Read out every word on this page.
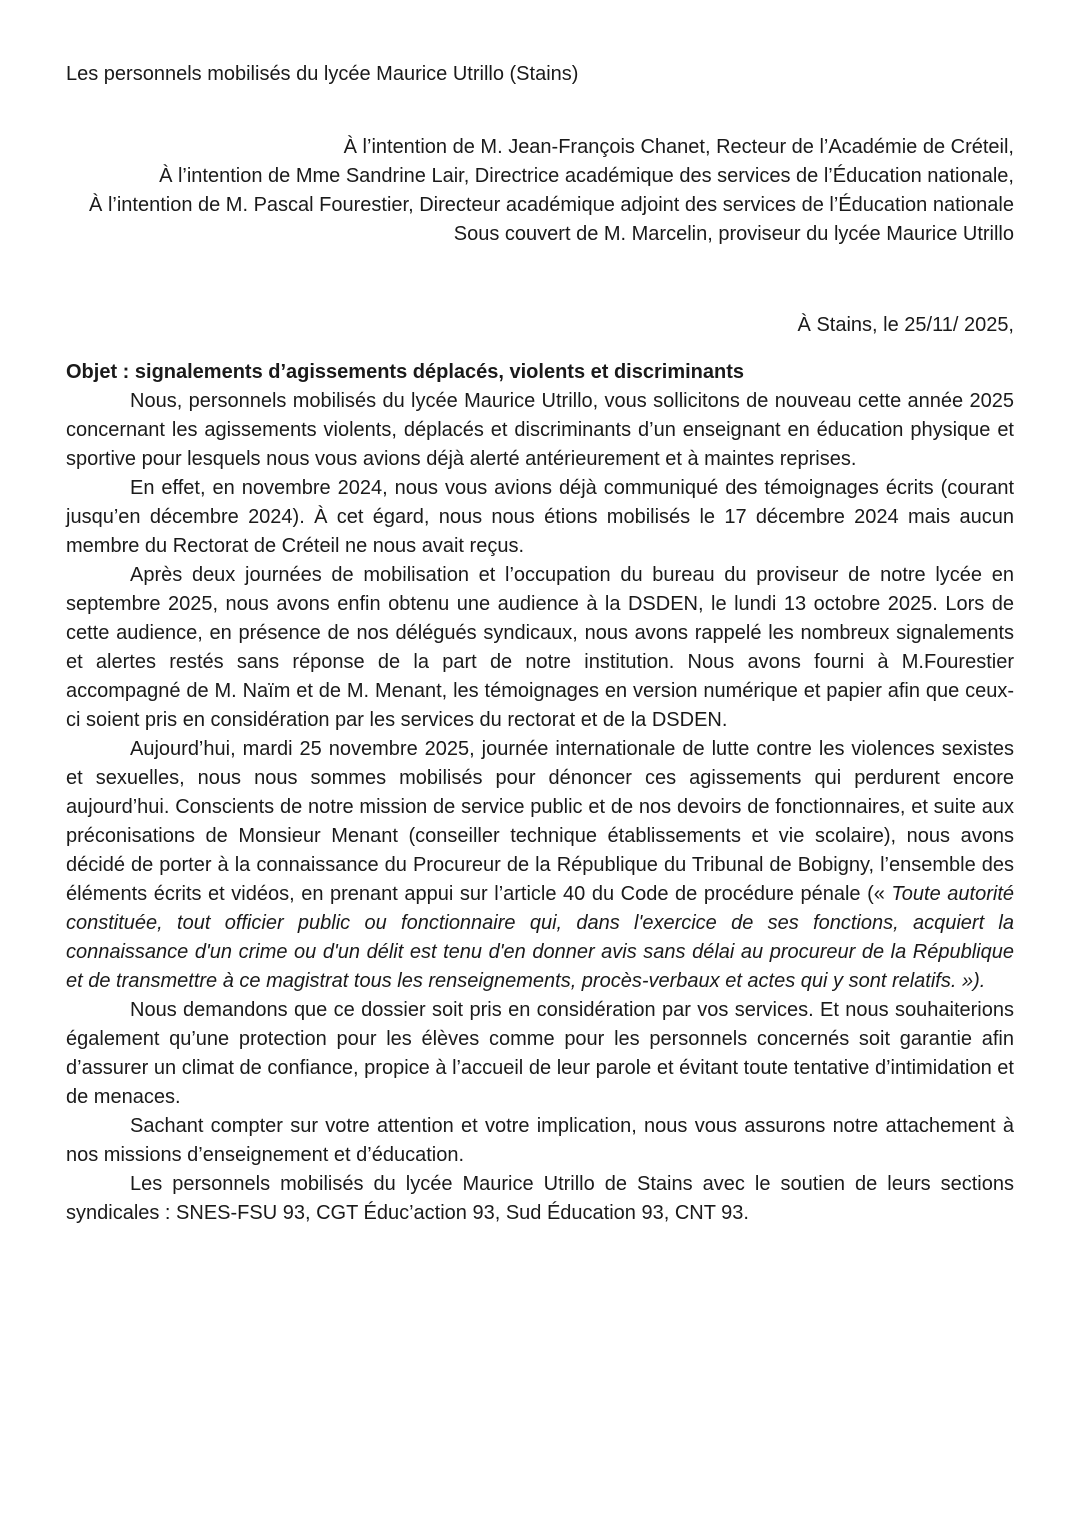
Les personnels mobilisés du lycée Maurice Utrillo (Stains)
À l’intention de M. Jean-François Chanet, Recteur de l’Académie de Créteil,
À l’intention de Mme Sandrine Lair, Directrice académique des services de l’Éducation nationale,
À l’intention de M. Pascal Fourestier, Directeur académique adjoint des services de l’Éducation nationale
Sous couvert de M. Marcelin, proviseur du lycée Maurice Utrillo
À Stains, le 25/11/ 2025,
Objet : signalements d’agissements déplacés, violents et discriminants

Nous, personnels mobilisés du lycée Maurice Utrillo, vous sollicitons de nouveau cette année 2025 concernant les agissements violents, déplacés et discriminants d’un enseignant en éducation physique et sportive pour lesquels nous vous avions déjà alerté antérieurement et à maintes reprises.

En effet, en novembre 2024, nous vous avions déjà communiqué des témoignages écrits (courant jusqu’en décembre 2024). À cet égard, nous nous étions mobilisés le 17 décembre 2024 mais aucun membre du Rectorat de Créteil ne nous avait reçus.

Après deux journées de mobilisation et l’occupation du bureau du proviseur de notre lycée en septembre 2025, nous avons enfin obtenu une audience à la DSDEN, le lundi 13 octobre 2025. Lors de cette audience, en présence de nos délégués syndicaux, nous avons rappelé les nombreux signalements et alertes restés sans réponse de la part de notre institution. Nous avons fourni à M.Fourestier accompagné de M. Naïm et de M. Menant, les témoignages en version numérique et papier afin que ceux-ci soient pris en considération par les services du rectorat et de la DSDEN.

Aujourd’hui, mardi 25 novembre 2025, journée internationale de lutte contre les violences sexistes et sexuelles, nous nous sommes mobilisés pour dénoncer ces agissements qui perdurent encore aujourd’hui. Conscients de notre mission de service public et de nos devoirs de fonctionnaires, et suite aux préconisations de Monsieur Menant (conseiller technique établissements et vie scolaire), nous avons décidé de porter à la connaissance du Procureur de la République du Tribunal de Bobigny, l’ensemble des éléments écrits et vidéos, en prenant appui sur l’article 40 du Code de procédure pénale (« Toute autorité constituée, tout officier public ou fonctionnaire qui, dans l'exercice de ses fonctions, acquiert la connaissance d'un crime ou d'un délit est tenu d'en donner avis sans délai au procureur de la République et de transmettre à ce magistrat tous les renseignements, procès-verbaux et actes qui y sont relatifs. »).

Nous demandons que ce dossier soit pris en considération par vos services. Et nous souhaiterions également qu’une protection pour les élèves comme pour les personnels concernés soit garantie afin d’assurer un climat de confiance, propice à l’accueil de leur parole et évitant toute tentative d’intimidation et de menaces.

Sachant compter sur votre attention et votre implication, nous vous assurons notre attachement à nos missions d’enseignement et d’éducation.

Les personnels mobilisés du lycée Maurice Utrillo de Stains avec le soutien de leurs sections syndicales : SNES-FSU 93, CGT Éduc’action 93, Sud Éducation 93, CNT 93.
